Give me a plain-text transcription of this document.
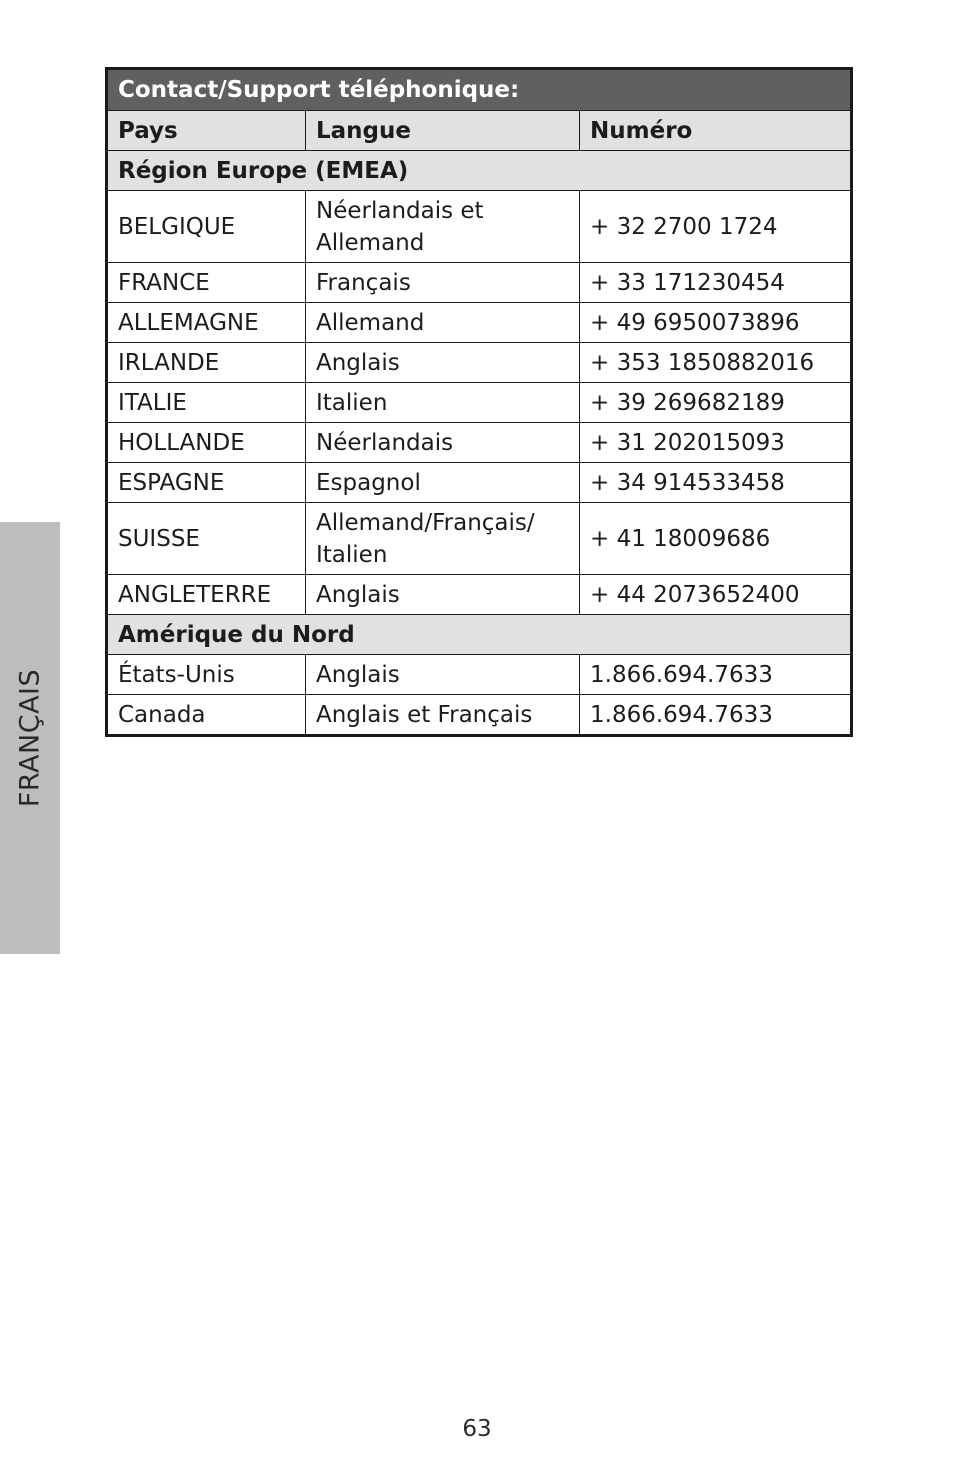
FRANÇAIS
Contact/Support téléphonique:		
Pays	Langue	Numéro
Région Europe (EMEA)		
BELGIQUE	Néerlandais et Allemand	+ 32 2700 1724
FRANCE	Français	+ 33 171230454
ALLEMAGNE	Allemand	+ 49 6950073896
IRLANDE	Anglais	+ 353 1850882016
ITALIE	Italien	+ 39 269682189
HOLLANDE	Néerlandais	+ 31 202015093
ESPAGNE	Espagnol	+ 34 914533458
SUISSE	Allemand/Français/ Italien	+ 41 18009686
ANGLETERRE	Anglais	+ 44 2073652400
Amérique du Nord		
États-Unis	Anglais	1.866.694.7633
Canada	Anglais et Français	1.866.694.7633
63
